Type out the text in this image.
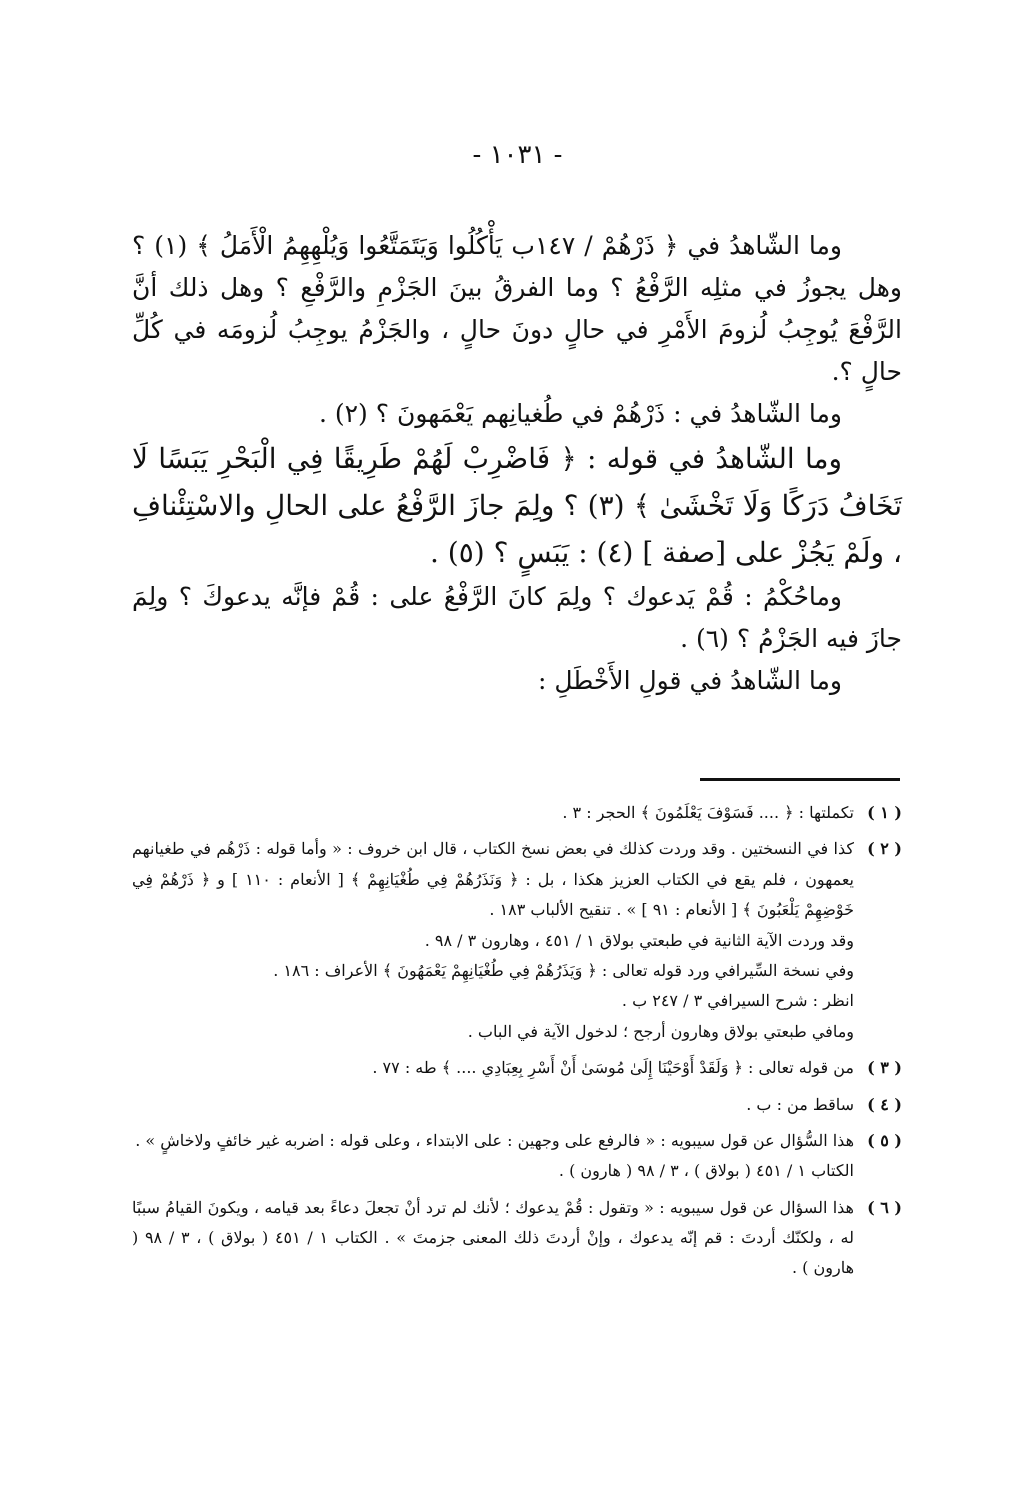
- ١٠٣١ -

وما الشّاهدُ في ﴿ ذَرْهُمْ / ١٤٧ب يَأْكُلُوا وَيَتَمَتَّعُوا وَيُلْهِهِمُ الْأَمَلُ ﴾ (١) ؟ وهل يجوزُ في مثلِه الرَّفْعُ ؟ وما الفرقُ بينَ الجَزْمِ والرَّفْعِ ؟ وهل ذلك أنَّ الرَّفْعَ يُوجِبُ لُزومَ الأَمْرِ في حالٍ دونَ حالٍ ، والجَزْمُ يوجِبُ لُزومَه في كُلِّ حالٍ ؟.

وما الشّاهدُ في : ذَرْهُمْ في طُغيانِهم يَعْمَهونَ ؟ (٢) .

وما الشّاهدُ في قوله : ﴿ فَاضْرِبْ لَهُمْ طَرِيقًا فِي الْبَحْرِ يَبَسًا لَا تَخَافُ دَرَكًا وَلَا تَخْشَىٰ ﴾ (٣) ؟ ولِمَ جازَ الرَّفْعُ على الحالِ والاسْتِئْنافِ ، ولَمْ يَجُزْ على [صفة ] (٤) : يَبَسٍ ؟ (٥) .

وماحُكْمُ : قُمْ يَدعوك ؟ ولِمَ كانَ الرَّفْعُ على : قُمْ فإنَّه يدعوكَ ؟ ولِمَ جازَ فيه الجَزْمُ ؟ (٦) .

وما الشّاهدُ في قولِ الأَخْطَلِ :

( ١ )
تكملتها : ﴿ .... فَسَوْفَ يَعْلَمُونَ ﴾ الحجر : ٣ .
( ٢ )
كذا في النسختين . وقد وردت كذلك في بعض نسخ الكتاب ، قال ابن خروف : « وأما قوله : ذَرْهُم في طغيانهم يعمهون ، فلم يقع في الكتاب العزيز هكذا ، بل : ﴿ وَنَذَرُهُمْ فِي طُغْيَانِهِمْ ﴾ [ الأنعام : ١١٠ ] و ﴿ ذَرْهُمْ فِي خَوْضِهِمْ يَلْعَبُونَ ﴾ [ الأنعام : ٩١ ] » . تنقيح الألباب ١٨٣ .
وقد وردت الآية الثانية في طبعتي بولاق ١ / ٤٥١ ، وهارون ٣ / ٩٨ .
وفي نسخة السِّيرافي ورد قوله تعالى : ﴿ وَيَذَرُهُمْ فِي طُغْيَانِهِمْ يَعْمَهُونَ ﴾ الأعراف : ١٨٦ .
انظر : شرح السيرافي ٣ / ٢٤٧ ب .
ومافي طبعتي بولاق وهارون أرجح ؛ لدخول الآية في الباب .
( ٣ )
من قوله تعالى : ﴿ وَلَقَدْ أَوْحَيْنَا إِلَىٰ مُوسَىٰ أَنْ أَسْرِ بِعِبَادِي .... ﴾ طه : ٧٧ .
( ٤ )
ساقط من : ب .
( ٥ )
هذا السُّؤال عن قول سيبويه : « فالرفع على وجهين : على الابتداء ، وعلى قوله : اضربه غير خائفٍ ولاخاشٍ » .
الكتاب ١ / ٤٥١ ( بولاق ) ، ٣ / ٩٨ ( هارون ) .
( ٦ )
هذا السؤال عن قول سيبويه : « وتقول : قُمْ يدعوك ؛ لأنك لم ترد أنْ تجعلَ دعاءً بعد قيامه ، ويكونَ القيامُ سببًا له ، ولكنّك أردتَ : قم إنّه يدعوك ، وإنْ أردتَ ذلك المعنى جزمتَ » . الكتاب ١ / ٤٥١ ( بولاق ) ، ٣ / ٩٨ ( هارون ) .
